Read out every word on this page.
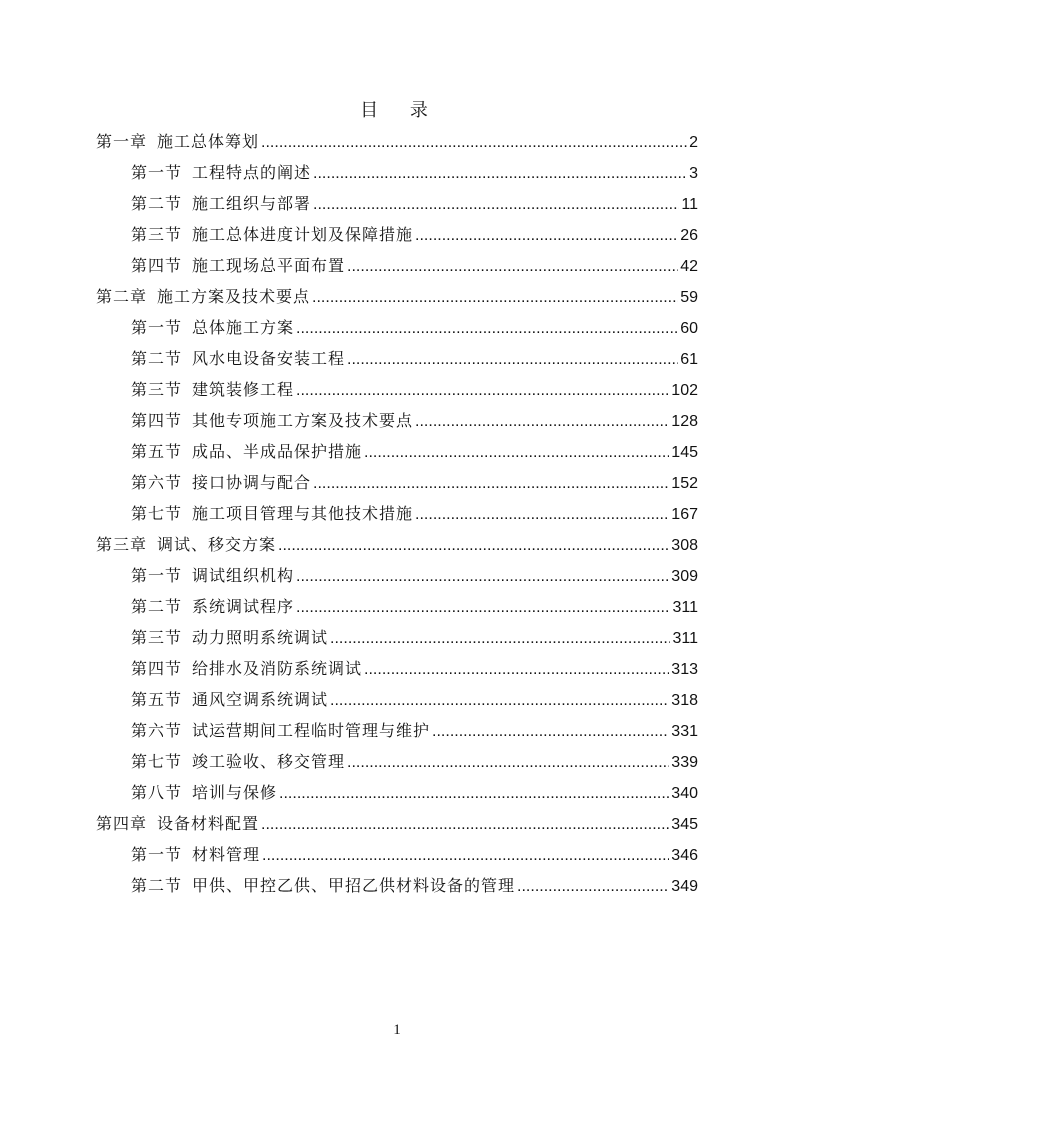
目 录
第一章 施工总体筹划 .....	2
第一节 工程特点的阐述 .....	3
第二节 施工组织与部署 .....	11
第三节 施工总体进度计划及保障措施 .....	26
第四节 施工现场总平面布置 .....	42
第二章 施工方案及技术要点 .....	59
第一节 总体施工方案 .....	60
第二节 风水电设备安装工程 .....	61
第三节 建筑装修工程 .....	102
第四节 其他专项施工方案及技术要点 .....	128
第五节 成品、半成品保护措施 .....	145
第六节 接口协调与配合 .....	152
第七节 施工项目管理与其他技术措施 .....	167
第三章 调试、移交方案 .....	308
第一节 调试组织机构 .....	309
第二节 系统调试程序 .....	311
第三节 动力照明系统调试 .....	311
第四节 给排水及消防系统调试 .....	313
第五节 通风空调系统调试 .....	318
第六节 试运营期间工程临时管理与维护 .....	331
第七节 竣工验收、移交管理 .....	339
第八节 培训与保修 .....	340
第四章 设备材料配置 .....	345
第一节 材料管理 .....	346
第二节 甲供、甲控乙供、甲招乙供材料设备的管理 .....	349
1
